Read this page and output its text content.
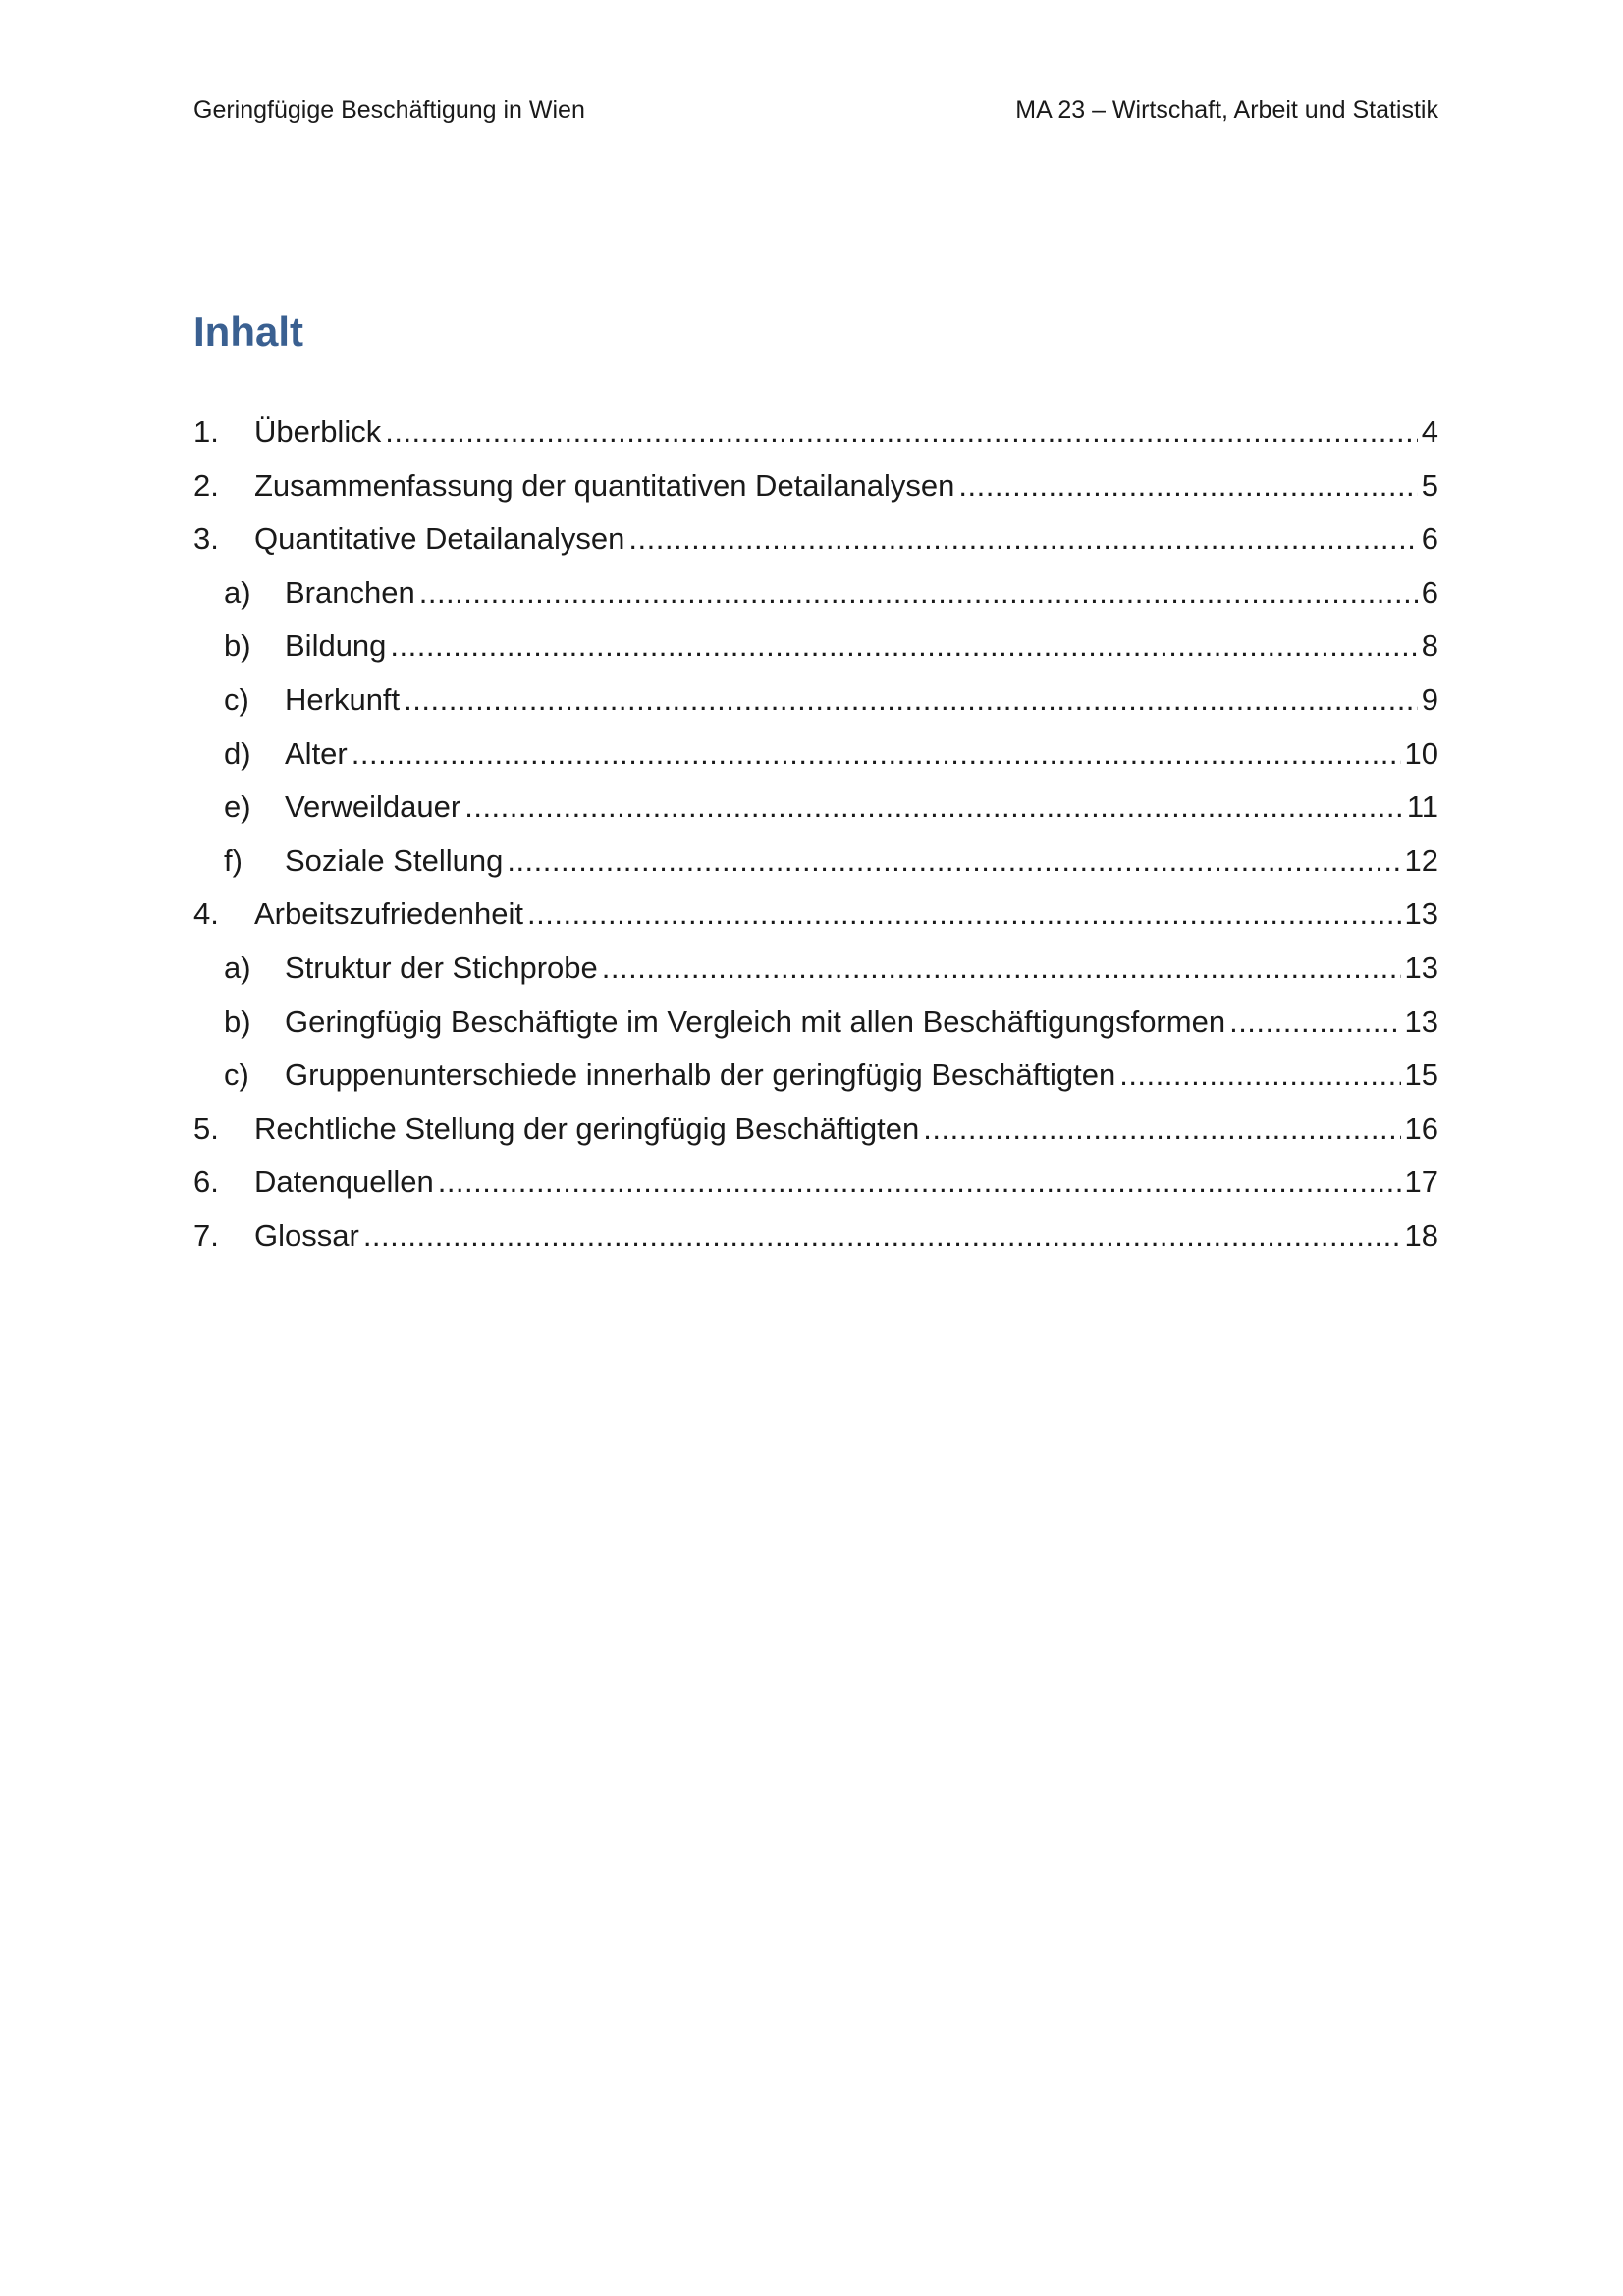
Geringfügige Beschäftigung in Wien	MA 23 – Wirtschaft, Arbeit und Statistik
Inhalt
1.	Überblick .....	4
2.	Zusammenfassung der quantitativen Detailanalysen .....	5
3.	Quantitative Detailanalysen .....	6
a)	Branchen .....	6
b)	Bildung .....	8
c)	Herkunft .....	9
d)	Alter .....	10
e)	Verweildauer .....	11
f)	Soziale Stellung .....	12
4.	Arbeitszufriedenheit .....	13
a)	Struktur der Stichprobe .....	13
b)	Geringfügig Beschäftigte im Vergleich mit allen Beschäftigungsformen .....	13
c)	Gruppenunterschiede innerhalb der geringfügig Beschäftigten .....	15
5.	Rechtliche Stellung der geringfügig Beschäftigten .....	16
6.	Datenquellen .....	17
7.	Glossar .....	18
